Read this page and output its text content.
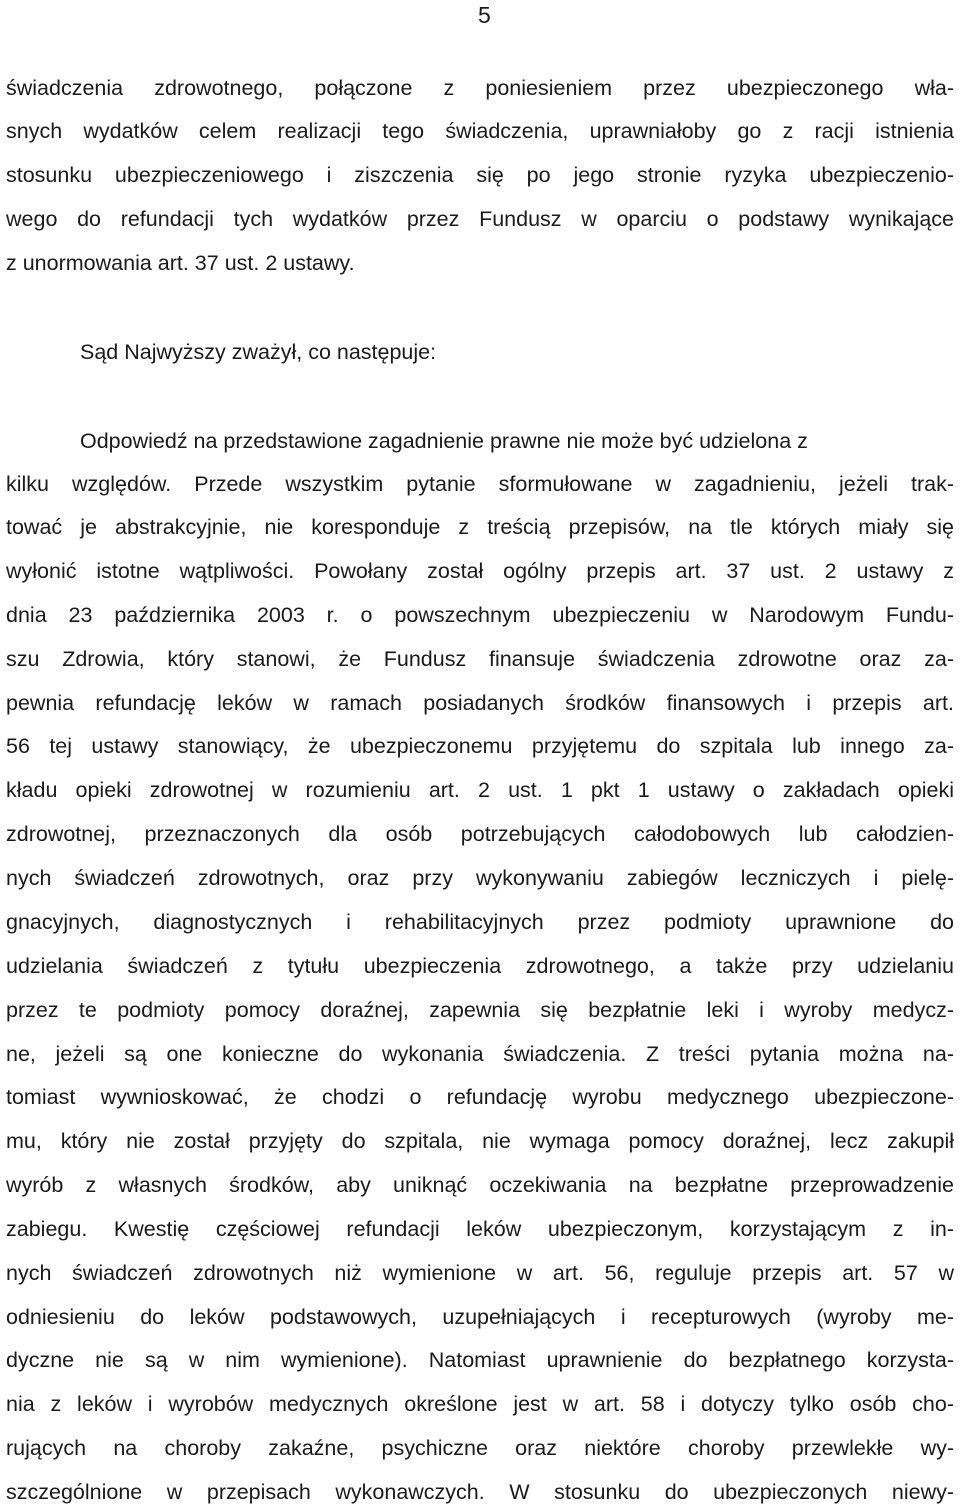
5
świadczenia zdrowotnego, połączone z poniesieniem przez ubezpieczonego wła-
snych wydatków celem realizacji tego świadczenia, uprawniałoby go z racji istnienia
stosunku ubezpieczeniowego i ziszczenia się po jego stronie ryzyka ubezpieczenio-
wego do refundacji tych wydatków przez Fundusz w oparciu o podstawy wynikające
z unormowania art. 37 ust. 2 ustawy.
Sąd Najwyższy zważył, co następuje:
Odpowiedź na przedstawione zagadnienie prawne nie może być udzielona z
kilku względów. Przede wszystkim pytanie sformułowane w zagadnieniu, jeżeli trak-
tować je abstrakcyjnie, nie koresponduje z treścią przepisów, na tle których miały się
wyłonić istotne wątpliwości. Powołany został ogólny przepis art. 37 ust. 2 ustawy z
dnia 23 października 2003 r. o powszechnym ubezpieczeniu w Narodowym Fundu-
szu Zdrowia, który stanowi, że Fundusz finansuje świadczenia zdrowotne oraz za-
pewnia refundację leków w ramach posiadanych środków finansowych i przepis art.
56 tej ustawy stanowiący, że ubezpieczonemu przyjętemu do szpitala lub innego za-
kładu opieki zdrowotnej w rozumieniu art. 2 ust. 1 pkt 1 ustawy o zakładach opieki
zdrowotnej, przeznaczonych dla osób potrzebujących całodobowych lub całodzien-
nych świadczeń zdrowotnych, oraz przy wykonywaniu zabiegów leczniczych i pielę-
gnacyjnych, diagnostycznych i rehabilitacyjnych przez podmioty uprawnione do
udzielania świadczeń z tytułu ubezpieczenia zdrowotnego, a także przy udzielaniu
przez te podmioty pomocy doraźnej, zapewnia się bezpłatnie leki i wyroby medycz-
ne, jeżeli są one konieczne do wykonania świadczenia. Z treści pytania można na-
tomiast wywnioskować, że chodzi o refundację wyrobu medycznego ubezpieczone-
mu, który nie został przyjęty do szpitala, nie wymaga pomocy doraźnej, lecz zakupił
wyrób z własnych środków, aby uniknąć oczekiwania na bezpłatne przeprowadzenie
zabiegu. Kwestię częściowej refundacji leków ubezpieczonym, korzystającym z in-
nych świadczeń zdrowotnych niż wymienione w art. 56, reguluje przepis art. 57 w
odniesieniu do leków podstawowych, uzupełniających i recepturowych (wyroby me-
dyczne nie są w nim wymienione). Natomiast uprawnienie do bezpłatnego korzysta-
nia z leków i wyrobów medycznych określone jest w art. 58 i dotyczy tylko osób cho-
rujących na choroby zakaźne, psychiczne oraz niektóre choroby przewlekłe wy-
szczególnione w przepisach wykonawczych. W stosunku do ubezpieczonych niewy-
